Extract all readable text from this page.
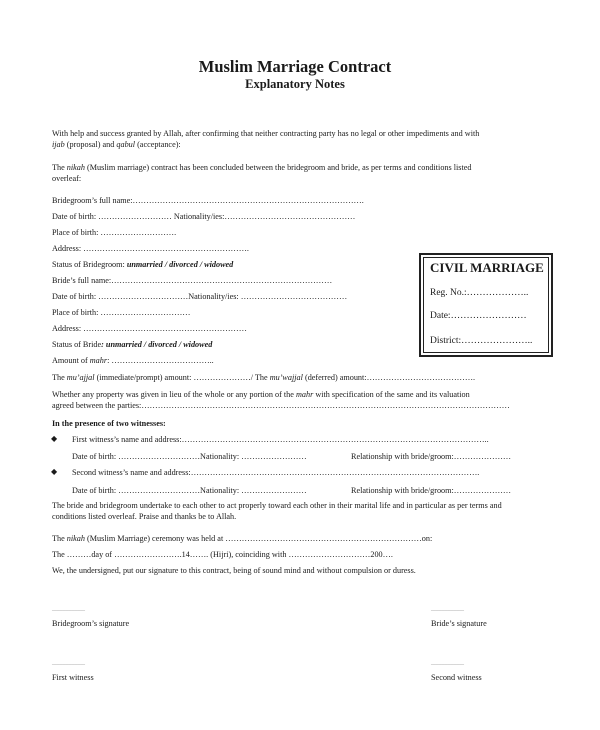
Muslim Marriage Contract
Explanatory Notes
With help and success granted by Allah, after confirming that neither contracting party has no legal or other impediments and with
ijab (proposal) and qabul (acceptance):
The nikah (Muslim marriage) contract has been concluded between the bridegroom and bride, as per terms and conditions listed
overleaf:
Bridegroom’s full name:………………………………………………………………………….
Date of birth: ……………………… Nationality/ies:…………………………………………
Place of birth: ……………………….
Address: …………………………………………………….
Status of Bridegroom: unmarried / divorced / widowed
Bride’s full name:………………………………………………………………………
Date of birth: ……………………………Nationality/ies: …………………………………
Place of birth: ……………………………
Address: ……………………………………………………
Status of Bride: unmarried / divorced / widowed
Amount of mahr: ………………………………..
The mu’ajjal (immediate/prompt) amount: …………………/ The mu’wajjal (deferred) amount:………………………………….
Whether any property was given in lieu of the whole or any portion of the mahr with specification of the same and its valuation
agreed between the parties:………………………………………………………………………………………………………………………
CIVIL MARRIAGE
Reg. No.:………………..
Date:……………………
District:…………………..
In the presence of two witnesses:
◆ First witness’s name and address:…………………………………………………………………………………………………..
Date of birth: …………………………Nationality: ……………………	Relationship with bride/groom:…………………
◆ Second witness’s name and address:…………………………………………………………………………………………….
Date of birth: …………………………Nationality: ……………………	Relationship with bride/groom:…………………
The bride and bridegroom undertake to each other to act properly toward each other in their marital life and in particular as per terms and
conditions listed overleaf. Praise and thanks be to Allah.
The nikah (Muslim Marriage) ceremony was held at ………………………………………………………………on:
The ………day of …………………….14……. (Hijri), coinciding with …………………………200….
We, the undersigned, put our signature to this contract, being of sound mind and without compulsion or duress.
___________
Bridegroom’s signature
___________
Bride’s signature
___________
First witness
___________
Second witness
